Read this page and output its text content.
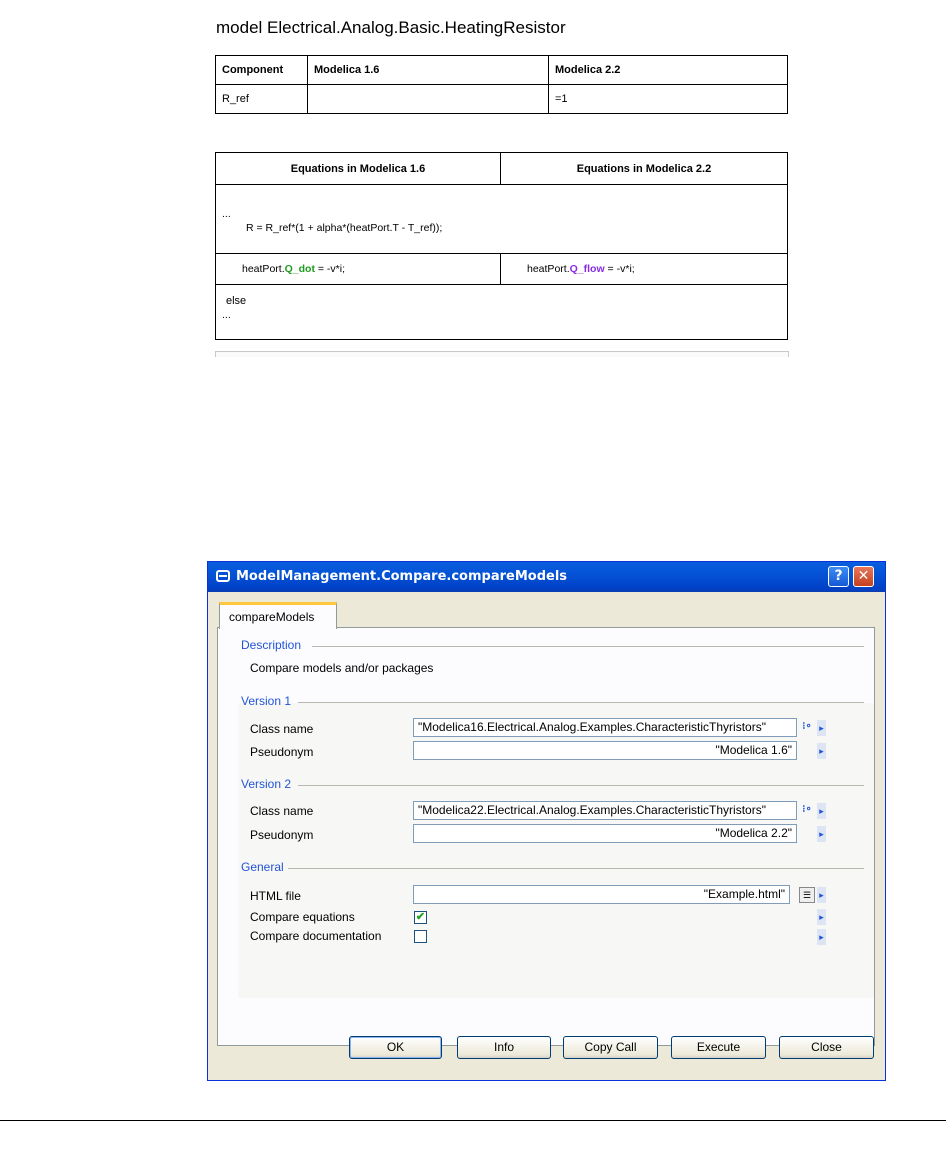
model Electrical.Analog.Basic.HeatingResistor
Component	Modelica 1.6	Modelica 2.2
R_ref		=1
Equations in Modelica 1.6	Equations in Modelica 2.2

...
R = R_ref*(1 + alpha*(heatPort.T - T_ref));	

heatPort.Q_dot = -v*i;	heatPort.Q_flow = -v*i;

else
...	
ModelManagement.Compare.compareModels	?	✕
compareModels
Description
Compare models and/or packages
Version 1
Class name	"Modelica16.Electrical.Analog.Examples.CharacteristicThyristors"	⁝∘ ▸
Pseudonym	"Modelica 1.6"	▸
Version 2
Class name	"Modelica22.Electrical.Analog.Examples.CharacteristicThyristors"	⁝∘ ▸
Pseudonym	"Modelica 2.2"	▸
General
HTML file	"Example.html"	☰ ▸
Compare equations	✔	▸
Compare documentation	▸
OK	Info	Copy Call	Execute	Close
